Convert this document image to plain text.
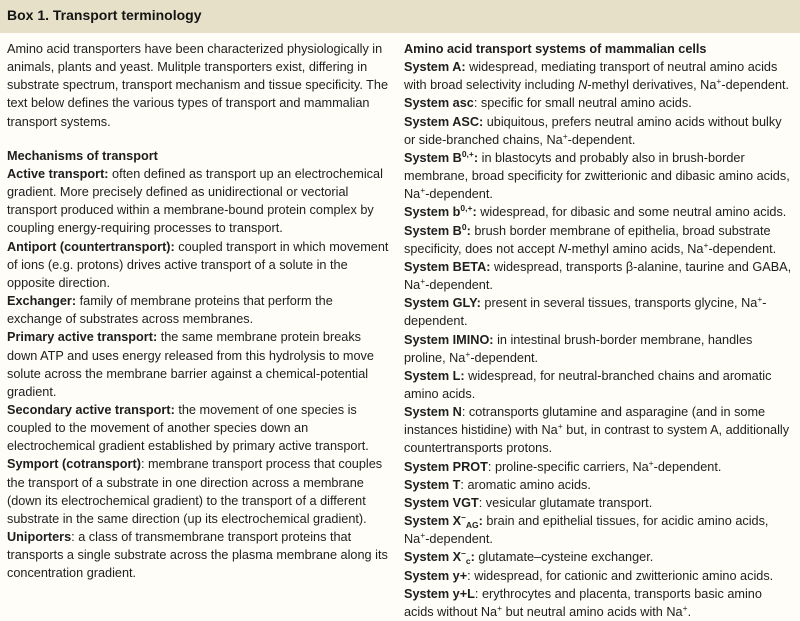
Box 1. Transport terminology

Amino acid transporters have been characterized physiologically in animals, plants and yeast. Mulitple transporters exist, differing in substrate spectrum, transport mechanism and tissue specificity. The text below defines the various types of transport and mammalian transport systems.

Mechanisms of transport

Active transport: often defined as transport up an electrochemical gradient. More precisely defined as unidirectional or vectorial transport produced within a membrane-bound protein complex by coupling energy-requiring processes to transport.

Antiport (countertransport): coupled transport in which movement of ions (e.g. protons) drives active transport of a solute in the opposite direction.

Exchanger: family of membrane proteins that perform the exchange of substrates across membranes.

Primary active transport: the same membrane protein breaks down ATP and uses energy released from this hydrolysis to move solute across the membrane barrier against a chemical-potential gradient.

Secondary active transport: the movement of one species is coupled to the movement of another species down an electrochemical gradient established by primary active transport.

Symport (cotransport): membrane transport process that couples the transport of a substrate in one direction across a membrane (down its electrochemical gradient) to the transport of a different substrate in the same direction (up its electrochemical gradient).

Uniporters: a class of transmembrane transport proteins that transports a single substrate across the plasma membrane along its concentration gradient.

Amino acid transport systems of mammalian cells

System A: widespread, mediating transport of neutral amino acids with broad selectivity including N-methyl derivatives, Na+-dependent.

System asc: specific for small neutral amino acids.

System ASC: ubiquitous, prefers neutral amino acids without bulky or side-branched chains, Na+-dependent.

System $B^{0,+}$: in blastocyts and probably also in brush-border membrane, broad specificity for zwitterionic and dibasic amino acids, Na+-dependent.

System $b^{0,+}$: widespread, for dibasic and some neutral amino acids.

System $B^0$: brush border membrane of epithelia, broad substrate specificity, does not accept N-methyl amino acids, Na+-dependent.

System BETA: widespread, transports β-alanine, taurine and GABA, Na+-dependent.

System GLY: present in several tissues, transports glycine, Na+-dependent.

System IMINO: in intestinal brush-border membrane, handles proline, Na+-dependent.

System L: widespread, for neutral-branched chains and aromatic amino acids.

System N: cotransports glutamine and asparagine (and in some instances histidine) with Na+ but, in contrast to system A, additionally countertransports protons.

System PROT: proline-specific carriers, Na+-dependent.

System T: aromatic amino acids.

System VGT: vesicular glutamate transport.

System $X^-_{AG}$: brain and epithelial tissues, for acidic amino acids, Na+-dependent.

System $X^-_c$: glutamate–cysteine exchanger.

System y+: widespread, for cationic and zwitterionic amino acids.

System y+L: erythrocytes and placenta, transports basic amino acids without Na+ but neutral amino acids with Na+.
